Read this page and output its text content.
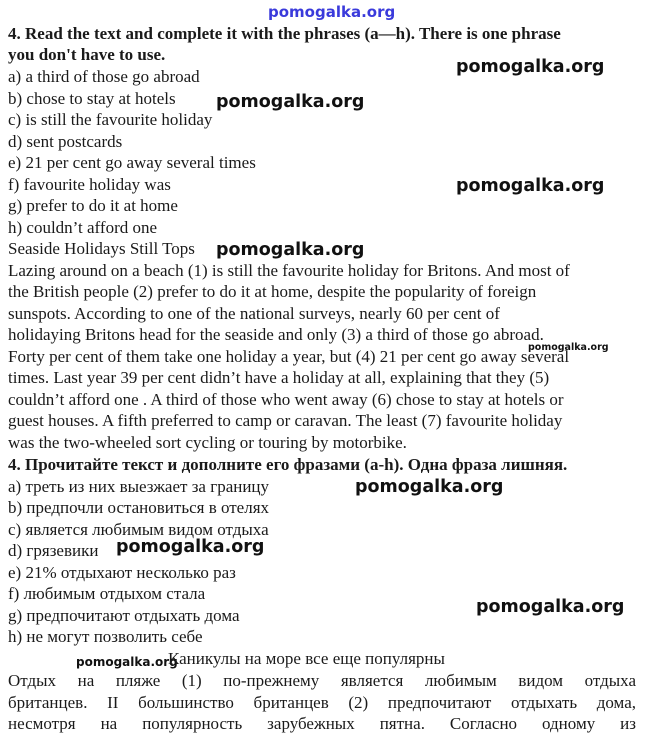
pomogalka.org
pomogalka.org
pomogalka.org
pomogalka.org
pomogalka.org
pomogalka.org
pomogalka.org
pomogalka.org
pomogalka.org
pomogalka.org
4. Read the text and complete it with the phrases (a—h). There is one phrase
you don't have to use.
a) a third of those go abroad
b) chose to stay at hotels
c) is still the favourite holiday
d) sent postcards
e) 21 per cent go away several times
f) favourite holiday was
g) prefer to do it at home
h) couldn’t afford one
Seaside Holidays Still Tops
Lazing around on a beach (1) is still the favourite holiday for Britons. And most of
the British people (2) prefer to do it at home, despite the popularity of foreign
sunspots. According to one of the national surveys, nearly 60 per cent of
holidaying Britons head for the seaside and only (3) a third of those go abroad.
Forty per cent of them take one holiday a year, but (4) 21 per cent go away several
times. Last year 39 per cent didn’t have a holiday at all, explaining that they (5)
couldn’t afford one . A third of those who went away (6) chose to stay at hotels or
guest houses. A fifth preferred to camp or caravan. The least (7) favourite holiday
was the two-wheeled sort cycling or touring by motorbike.
4. Прочитайте текст и дополните его фразами (a-h). Одна фраза лишняя.
a) треть из них выезжает за границу
b) предпочли остановиться в отелях
c) является любимым видом отдыха
d) грязевики
e) 21% отдыхают несколько раз
f) любимым отдыхом стала
g) предпочитают отдыхать дома
h) не могут позволить себе
Каникулы на море все еще популярны
Отдых на пляже (1) по-прежнему является любимым видом отдыха
британцев. II большинство британцев (2) предпочитают отдыхать дома,
несмотря на популярность зарубежных пятна. Согласно одному из
